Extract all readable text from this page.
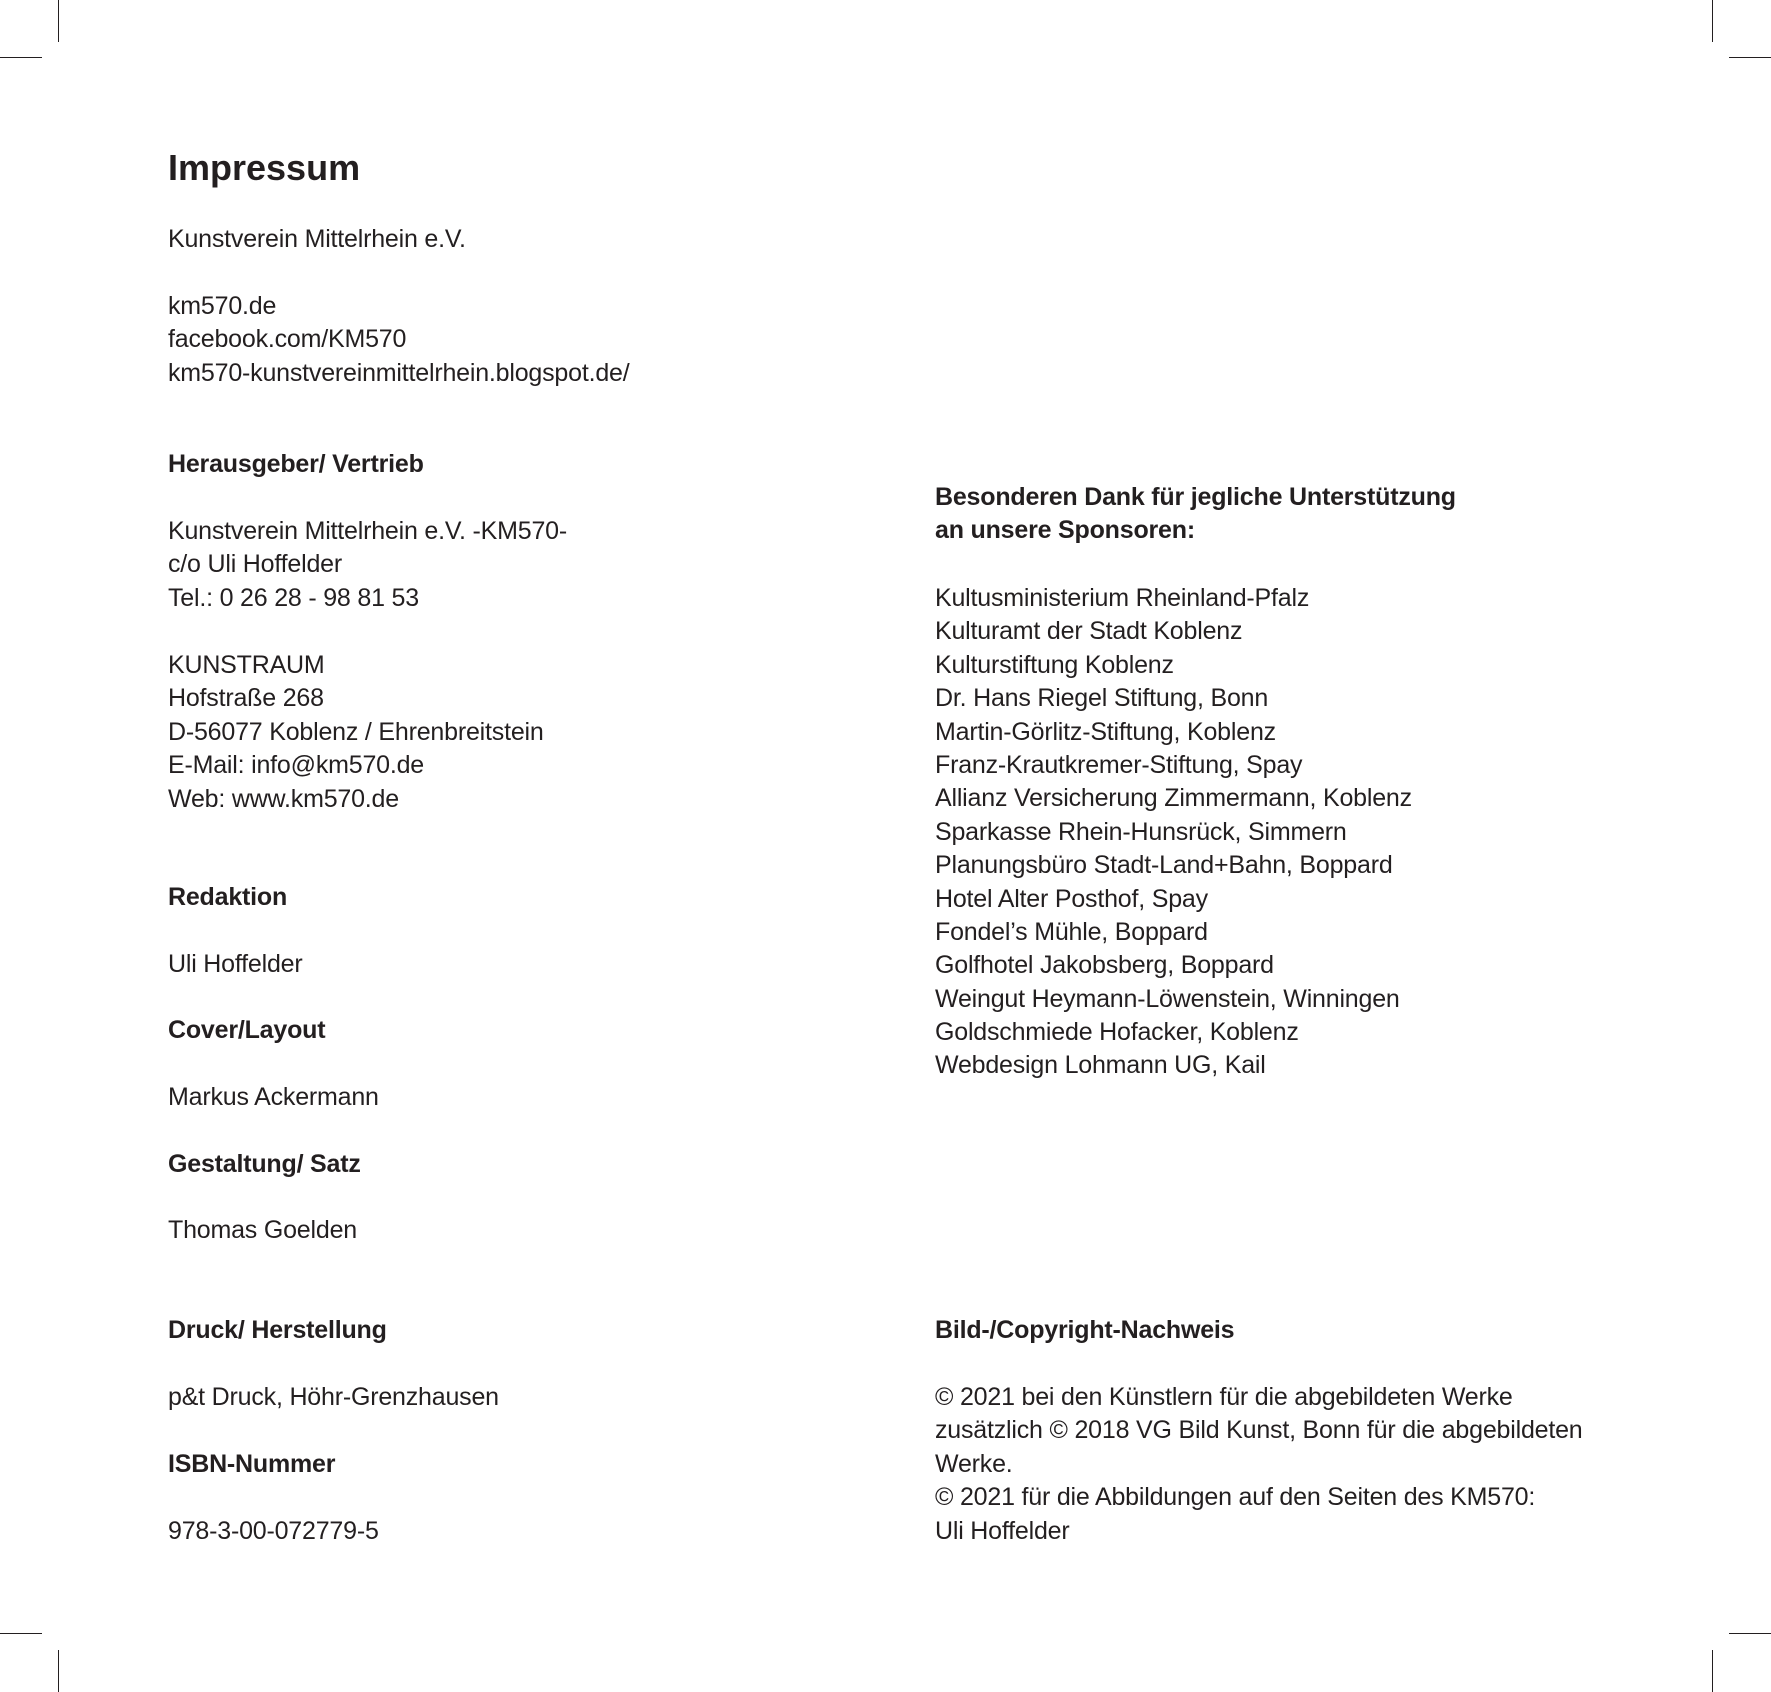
Impressum
Kunstverein Mittelrhein e.V.
km570.de
facebook.com/KM570
km570-kunstvereinmittelrhein.blogspot.de/
Herausgeber/ Vertrieb
Kunstverein Mittelrhein e.V. -KM570-
c/o Uli Hoffelder
Tel.: 0 26 28 - 98 81 53
KUNSTRAUM
Hofstraße 268
D-56077 Koblenz / Ehrenbreitstein
E-Mail: info@km570.de
Web: www.km570.de
Redaktion
Uli Hoffelder
Cover/Layout
Markus Ackermann
Gestaltung/ Satz
Thomas Goelden
Druck/ Herstellung
p&t Druck, Höhr-Grenzhausen
ISBN-Nummer
978-3-00-072779-5
Besonderen Dank für jegliche Unterstützung
an unsere Sponsoren:
Kultusministerium Rheinland-Pfalz
Kulturamt der Stadt Koblenz
Kulturstiftung Koblenz
Dr. Hans Riegel Stiftung, Bonn
Martin-Görlitz-Stiftung, Koblenz
Franz-Krautkremer-Stiftung, Spay
Allianz Versicherung Zimmermann, Koblenz
Sparkasse Rhein-Hunsrück, Simmern
Planungsbüro Stadt-Land+Bahn, Boppard
Hotel Alter Posthof, Spay
Fondel’s Mühle, Boppard
Golfhotel Jakobsberg, Boppard
Weingut Heymann-Löwenstein, Winningen
Goldschmiede Hofacker, Koblenz
Webdesign Lohmann UG, Kail
Bild-/Copyright-Nachweis
© 2021 bei den Künstlern für die abgebildeten Werke
zusätzlich © 2018 VG Bild Kunst, Bonn für die abgebildeten
Werke.
© 2021 für die Abbildungen auf den Seiten des KM570:
Uli Hoffelder
